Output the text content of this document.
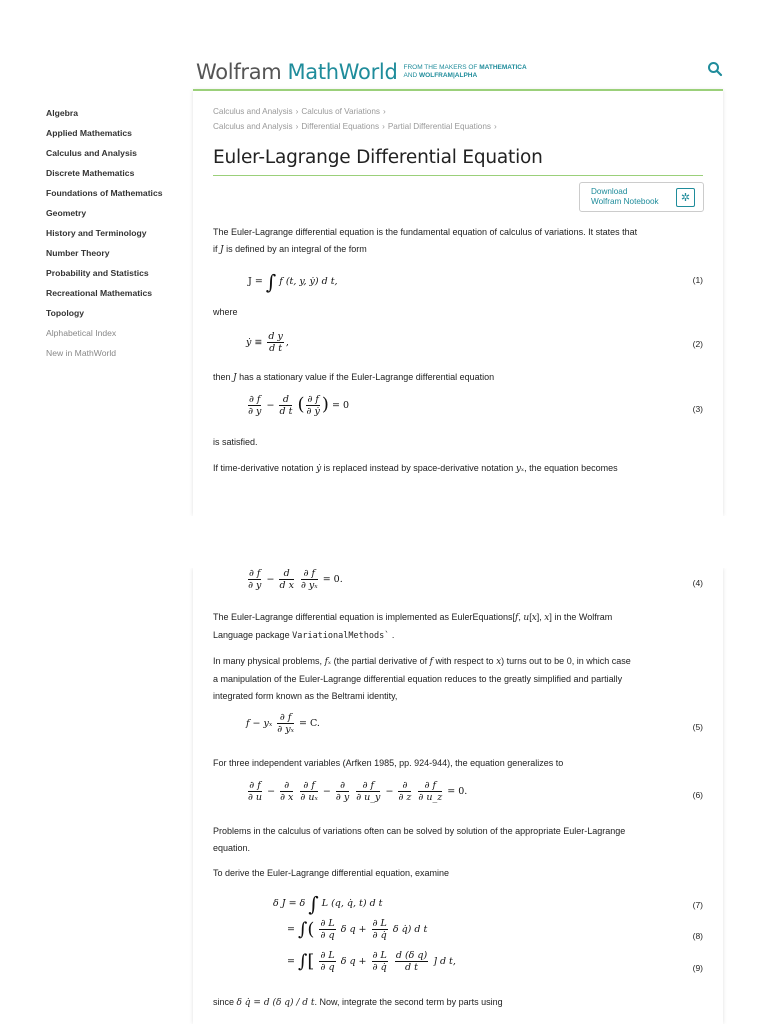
Wolfram MathWorld FROM THE MAKERS OF MATHEMATICA
AND WOLFRAM|ALPHA
Algebra
Applied Mathematics
Calculus and Analysis
Discrete Mathematics
Foundations of Mathematics
Geometry
History and Terminology
Number Theory
Probability and Statistics
Recreational Mathematics
Topology
Alphabetical Index
New in MathWorld
Calculus and Analysis › Calculus of Variations ›
Calculus and Analysis › Differential Equations › Partial Differential Equations ›
Euler-Lagrange Differential Equation
Download
Wolfram Notebook	✲

The Euler-Lagrange differential equation is the fundamental equation of calculus of variations. It states that
if J is defined by an integral of the form

J = ∫ f (t, y, ẏ) d t,	(1)

where

ẏ ≡ $\frac{\text{d y}}{\text{d t}}$ ,	(2)

then J has a stationary value if the Euler-Lagrange differential equation

$\frac{\partial f}{\partial y} - \frac{d}{\text{d t}}$ ( $\frac{\partial f}{\text{∂ ẏ}}$ ) = 0	(3)

is satisfied.

If time-derivative notation ẏ is replaced instead by space-derivative notation yₓ, the equation becomes

$\frac{\partial f}{\partial y} - \frac{d}{\text{d x}}$
$\frac{\partial f}{\text{∂ yₓ}} = 0$.	(4)

The Euler-Lagrange differential equation is implemented as EulerEquations[f, u[x], x] in the Wolfram
Language package VariationalMethods` .

In many physical problems, fₓ (the partial derivative of f with respect to x) turns out to be 0, in which case
a manipulation of the Euler-Lagrange differential equation reduces to the greatly simplified and partially
integrated form known as the Beltrami identity,

f − yₓ $\frac{\partial f}{\text{∂ yₓ}} = C$.	(5)

For three independent variables (Arfken 1985, pp. 924-944), the equation generalizes to

$\frac{\partial f}{\partial u} - \frac{\partial}{\partial x}$
$\frac{\partial f}{\text{∂ uₓ}} - \frac{\partial}{\partial y}$
$\frac{\partial f}{\partial u\_y} - \frac{\partial}{\partial z}$
$\frac{\partial f}{\partial u\_z} = 0$.	(6)

Problems in the calculus of variations often can be solved by solution of the appropriate Euler-Lagrange
equation.

To derive the Euler-Lagrange differential equation, examine

δ J = δ ∫ L (q, q̇, t) d t	(7)
= ∫( $\frac{\partial L}{\partial q}$ δ $q + \frac{\partial L}{\partial q̇}$ δ q̇) d t
(8)
= ∫[ $\frac{\partial L}{\partial q}$ δ $q + \frac{\partial L}{\partial q̇}$
$\frac{\text{d (δ q)}}{\text{d t}}$ ] d t,
(9)

since δ q̇ = d (δ q) / d t. Now, integrate the second term by parts using
